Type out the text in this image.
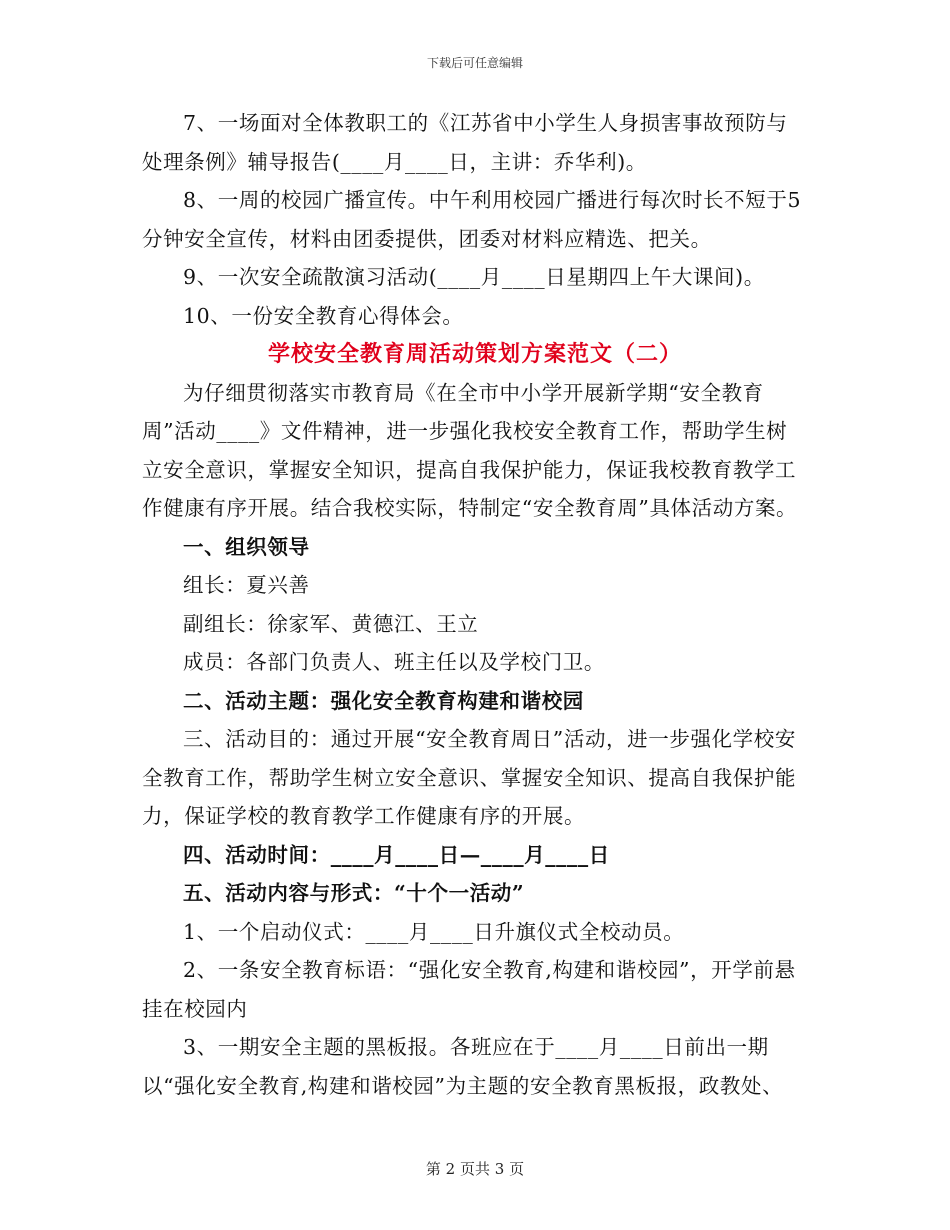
下载后可任意编辑

7、一场面对全体教职工的《江苏省中小学生人身损害事故预防与处理条例》辅导报告(____月____日，主讲：乔华利)。

8、一周的校园广播宣传。中午利用校园广播进行每次时长不短于5分钟安全宣传，材料由团委提供，团委对材料应精选、把关。

9、一次安全疏散演习活动(____月____日星期四上午大课间)。

10、一份安全教育心得体会。

学校安全教育周活动策划方案范文（二）

为仔细贯彻落实市教育局《在全市中小学开展新学期“安全教育周”活动____》文件精神，进一步强化我校安全教育工作，帮助学生树立安全意识，掌握安全知识，提高自我保护能力，保证我校教育教学工作健康有序开展。结合我校实际，特制定“安全教育周”具体活动方案。

一、组织领导

组长：夏兴善

副组长：徐家军、黄德江、王立

成员：各部门负责人、班主任以及学校门卫。

二、活动主题：强化安全教育构建和谐校园

三、活动目的：通过开展“安全教育周日”活动，进一步强化学校安全教育工作，帮助学生树立安全意识、掌握安全知识、提高自我保护能力，保证学校的教育教学工作健康有序的开展。

四、活动时间：____月____日—____月____日

五、活动内容与形式：“十个一活动”

1、一个启动仪式：____月____日升旗仪式全校动员。

2、一条安全教育标语：“强化安全教育,构建和谐校园”，开学前悬挂在校园内

3、一期安全主题的黑板报。各班应在于____月____日前出一期以“强化安全教育,构建和谐校园”为主题的安全教育黑板报，政教处、

第 2 页共 3 页
